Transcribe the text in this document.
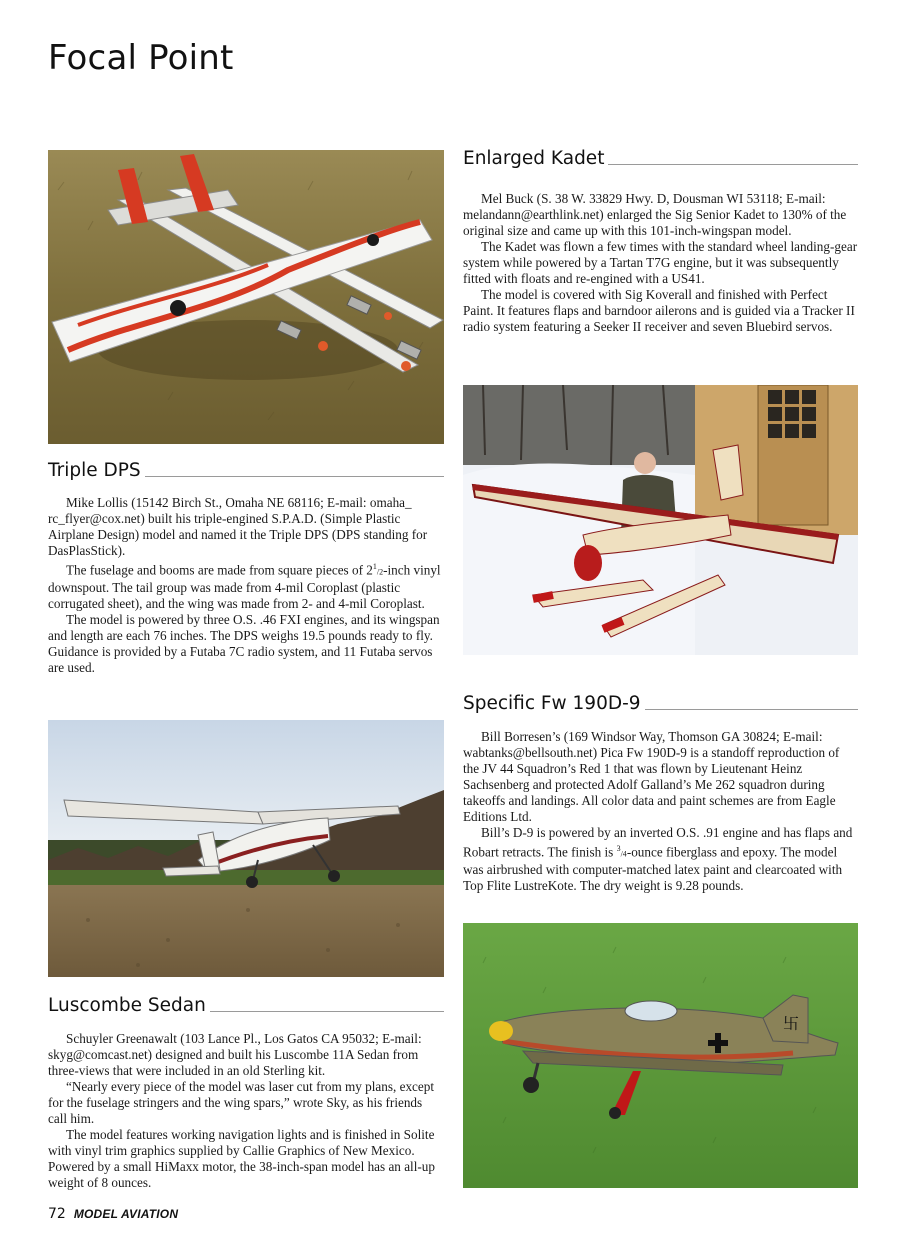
Focal Point
Triple DPS

Mike Lollis (15142 Birch St., Omaha NE 68116; E-mail: omaha_ rc_flyer@cox.net) built his triple-engined S.P.A.D. (Simple Plastic Airplane Design) model and named it the Triple DPS (DPS standing for DasPlasStick).

The fuselage and booms are made from square pieces of $2^1/2$-inch vinyl downspout. The tail group was made from 4-mil Coroplast (plastic corrugated sheet), and the wing was made from 2- and 4-mil Coroplast.

The model is powered by three O.S. .46 FXI engines, and its wingspan and length are each 76 inches. The DPS weighs 19.5 pounds ready to fly. Guidance is provided by a Futaba 7C radio system, and 11 Futaba servos are used.

Luscombe Sedan

Schuyler Greenawalt (103 Lance Pl., Los Gatos CA 95032; E-mail: skyg@comcast.net) designed and built his Luscombe 11A Sedan from three-views that were included in an old Sterling kit.

“Nearly every piece of the model was laser cut from my plans, except for the fuselage stringers and the wing spars,” wrote Sky, as his friends call him.

The model features working navigation lights and is finished in Solite with vinyl trim graphics supplied by Callie Graphics of New Mexico. Powered by a small HiMaxx motor, the 38-inch-span model has an all-up weight of 8 ounces.

Enlarged Kadet

Mel Buck (S. 38 W. 33829 Hwy. D, Dousman WI 53118; E-mail: melandann@earthlink.net) enlarged the Sig Senior Kadet to 130% of the original size and came up with this 101-inch-wingspan model.

The Kadet was flown a few times with the standard wheel landing-gear system while powered by a Tartan T7G engine, but it was subsequently fitted with floats and re-engined with a US41.

The model is covered with Sig Koverall and finished with Perfect Paint. It features flaps and barndoor ailerons and is guided via a Tracker II radio system featuring a Seeker II receiver and seven Bluebird servos.

Specific Fw 190D-9

Bill Borresen’s (169 Windsor Way, Thomson GA 30824; E-mail: wabtanks@bellsouth.net) Pica Fw 190D-9 is a standoff reproduction of the JV 44 Squadron’s Red 1 that was flown by Lieutenant Heinz Sachsenberg and protected Adolf Galland’s Me 262 squadron during takeoffs and landings. All color data and paint schemes are from Eagle Editions Ltd.

Bill’s D-9 is powered by an inverted O.S. .91 engine and has flaps and Robart retracts. The finish is $^3$/4-ounce fiberglass and epoxy. The model was airbrushed with computer-matched latex paint and clearcoated with Top Flite LustreKote. The dry weight is 9.28 pounds.

卐
72 MODEL AVIATION
